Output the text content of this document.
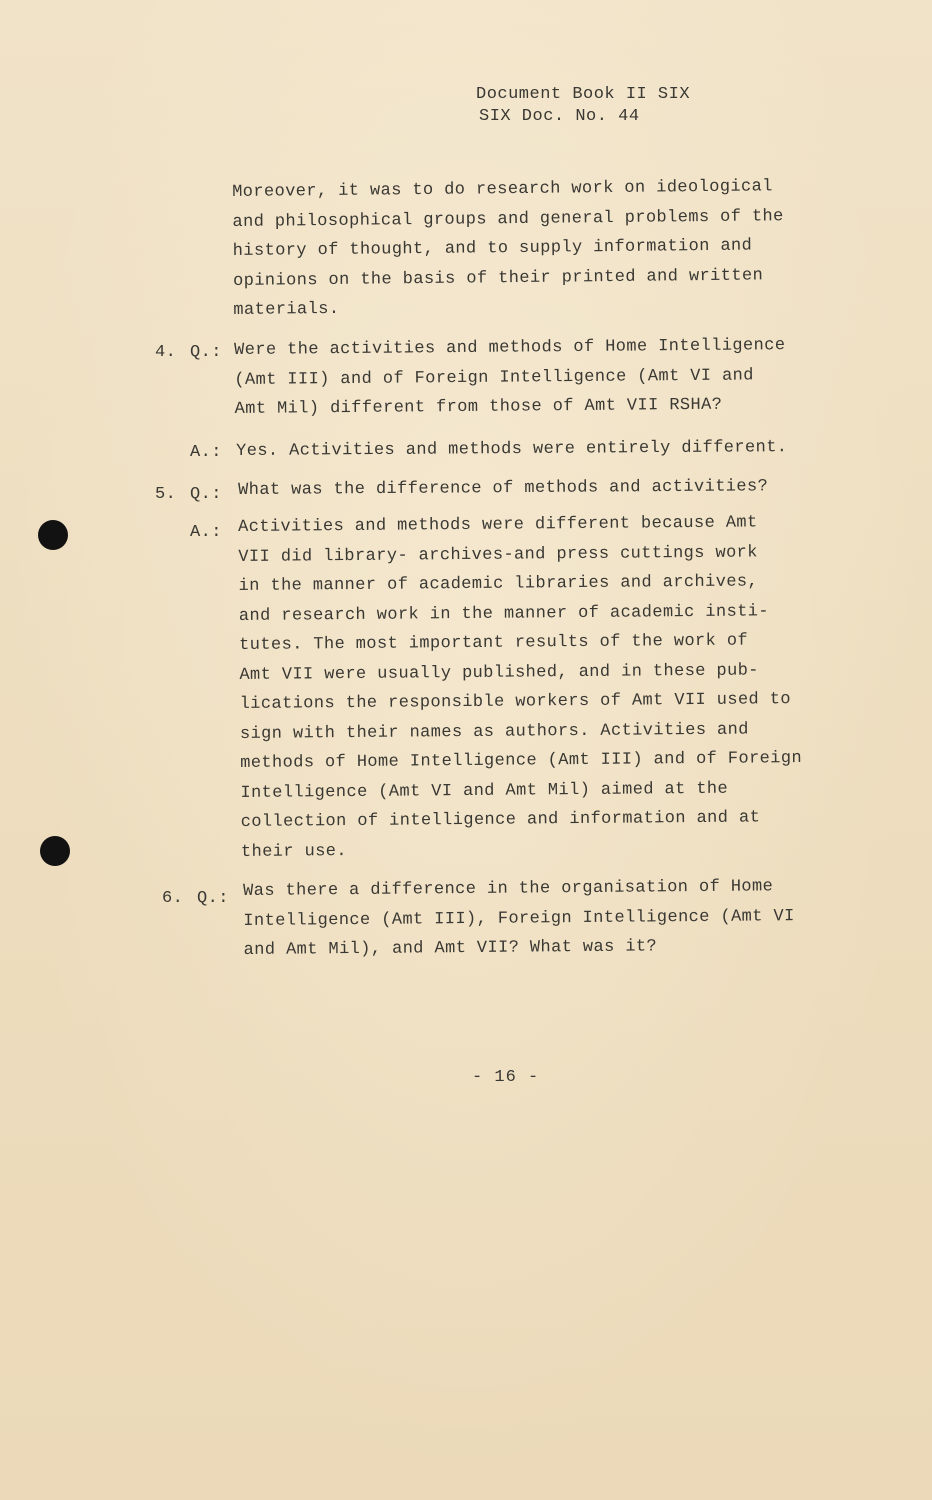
Document Book II SIX
SIX Doc. No. 44
Moreover, it was to do research work on ideological
and philosophical groups and general problems of the
history of thought, and to supply information and
opinions on the basis of their printed and written
materials.
4. Q.: Were the activities and methods of Home Intelligence
(Amt III) and of Foreign Intelligence (Amt VI and
Amt Mil) different from those of Amt VII RSHA?
A.: Yes. Activities and methods were entirely different.
5. Q.: What was the difference of methods and activities?
A.: Activities and methods were different because Amt
VII did library- archives-and press cuttings work
in the manner of academic libraries and archives,
and research work in the manner of academic insti-
tutes. The most important results of the work of
Amt VII were usually published, and in these pub-
lications the responsible workers of Amt VII used to
sign with their names as authors. Activities and
methods of Home Intelligence (Amt III) and of Foreign
Intelligence (Amt VI and Amt Mil) aimed at the
collection of intelligence and information and at
their use.
6. Q.: Was there a difference in the organisation of Home
Intelligence (Amt III), Foreign Intelligence (Amt VI
and Amt Mil), and Amt VII? What was it?
- 16 -
